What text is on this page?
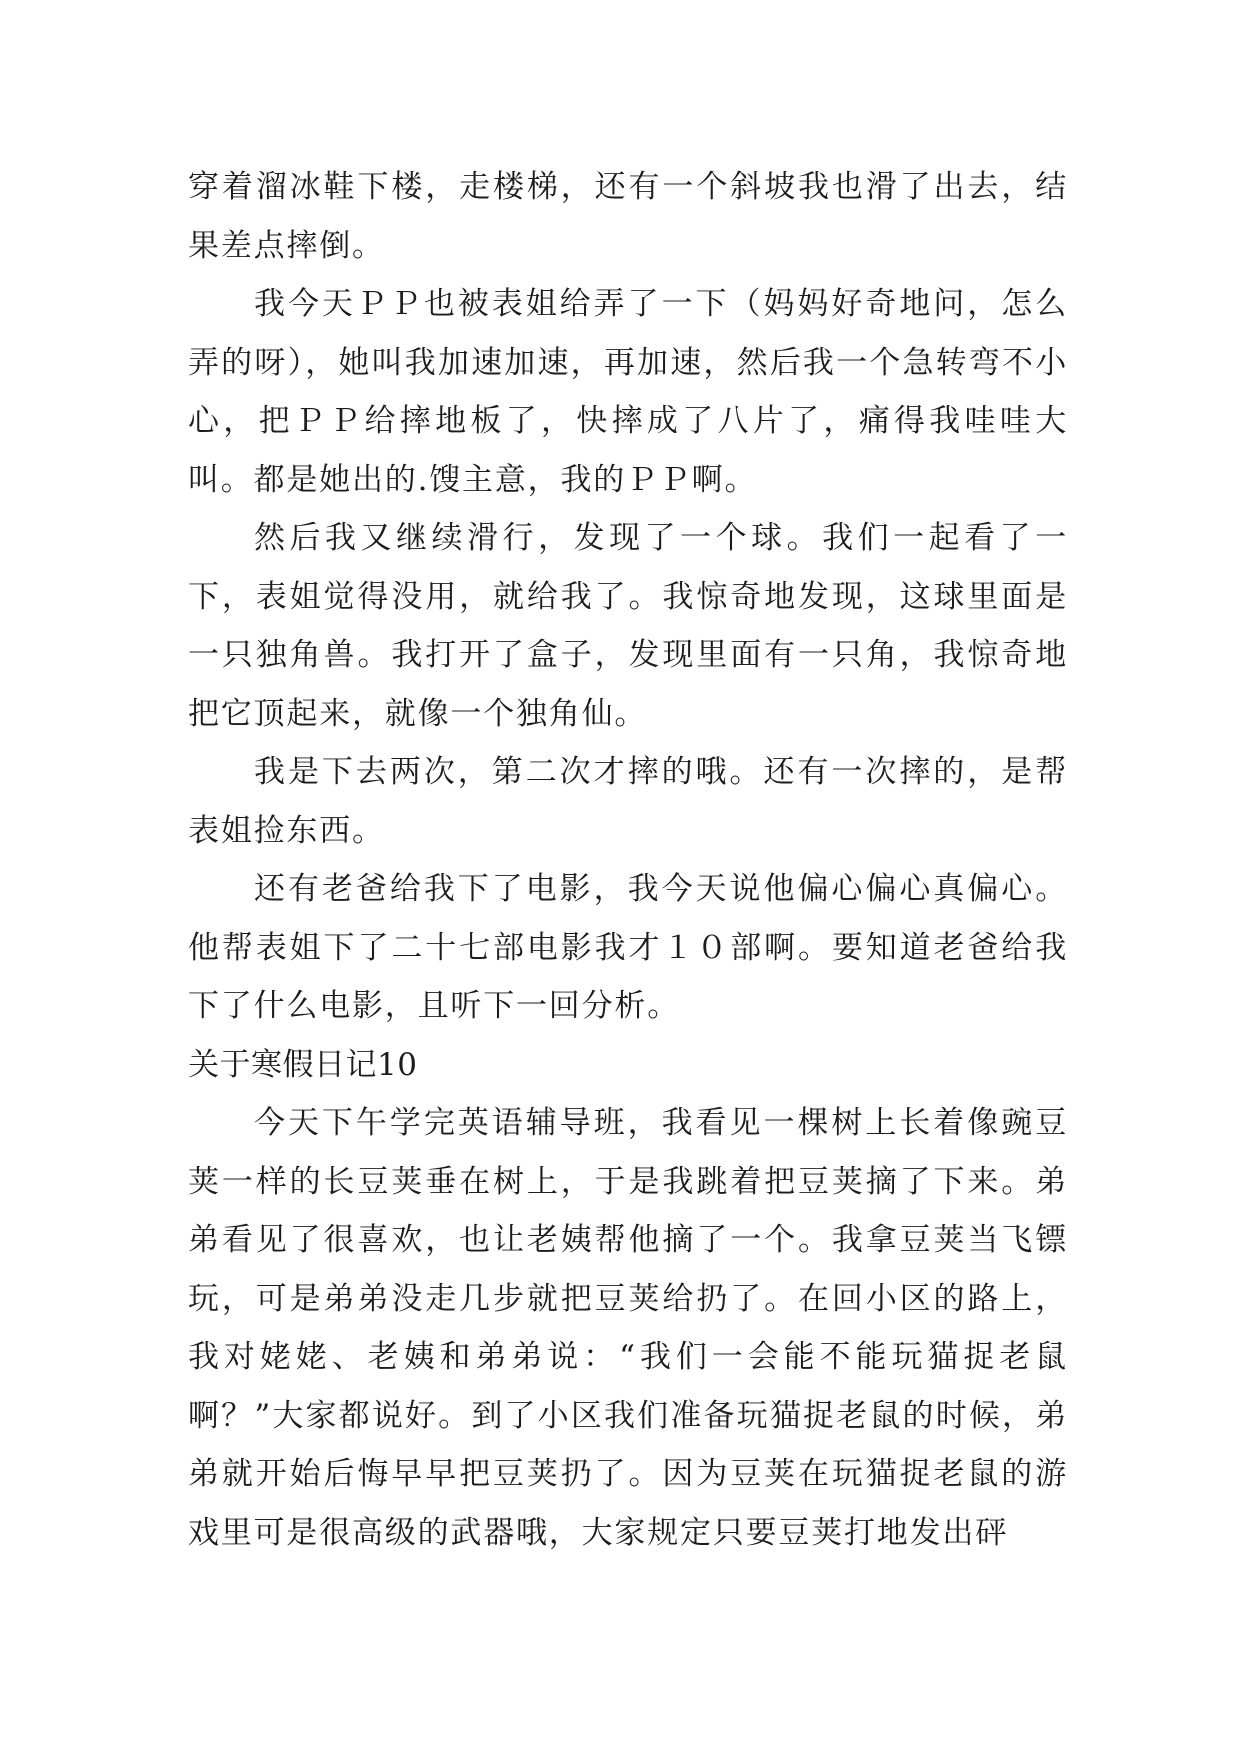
穿着溜冰鞋下楼，走楼梯，还有一个斜坡我也滑了出去，结果差点摔倒。

我今天ＰＰ也被表姐给弄了一下（妈妈好奇地问，怎么弄的呀），她叫我加速加速，再加速，然后我一个急转弯不小心，把ＰＰ给摔地板了，快摔成了八片了，痛得我哇哇大叫。都是她出的.馊主意，我的ＰＰ啊。

然后我又继续滑行，发现了一个球。我们一起看了一下，表姐觉得没用，就给我了。我惊奇地发现，这球里面是一只独角兽。我打开了盒子，发现里面有一只角，我惊奇地把它顶起来，就像一个独角仙。

我是下去两次，第二次才摔的哦。还有一次摔的，是帮表姐捡东西。

还有老爸给我下了电影，我今天说他偏心偏心真偏心。他帮表姐下了二十七部电影我才１０部啊。要知道老爸给我下了什么电影，且听下一回分析。

关于寒假日记10

今天下午学完英语辅导班，我看见一棵树上长着像豌豆荚一样的长豆荚垂在树上，于是我跳着把豆荚摘了下来。弟弟看见了很喜欢，也让老姨帮他摘了一个。我拿豆荚当飞镖玩，可是弟弟没走几步就把豆荚给扔了。在回小区的路上，我对姥姥、老姨和弟弟说：“我们一会能不能玩猫捉老鼠啊？”大家都说好。到了小区我们准备玩猫捉老鼠的时候，弟弟就开始后悔早早把豆荚扔了。因为豆荚在玩猫捉老鼠的游戏里可是很高级的武器哦，大家规定只要豆荚打地发出砰
